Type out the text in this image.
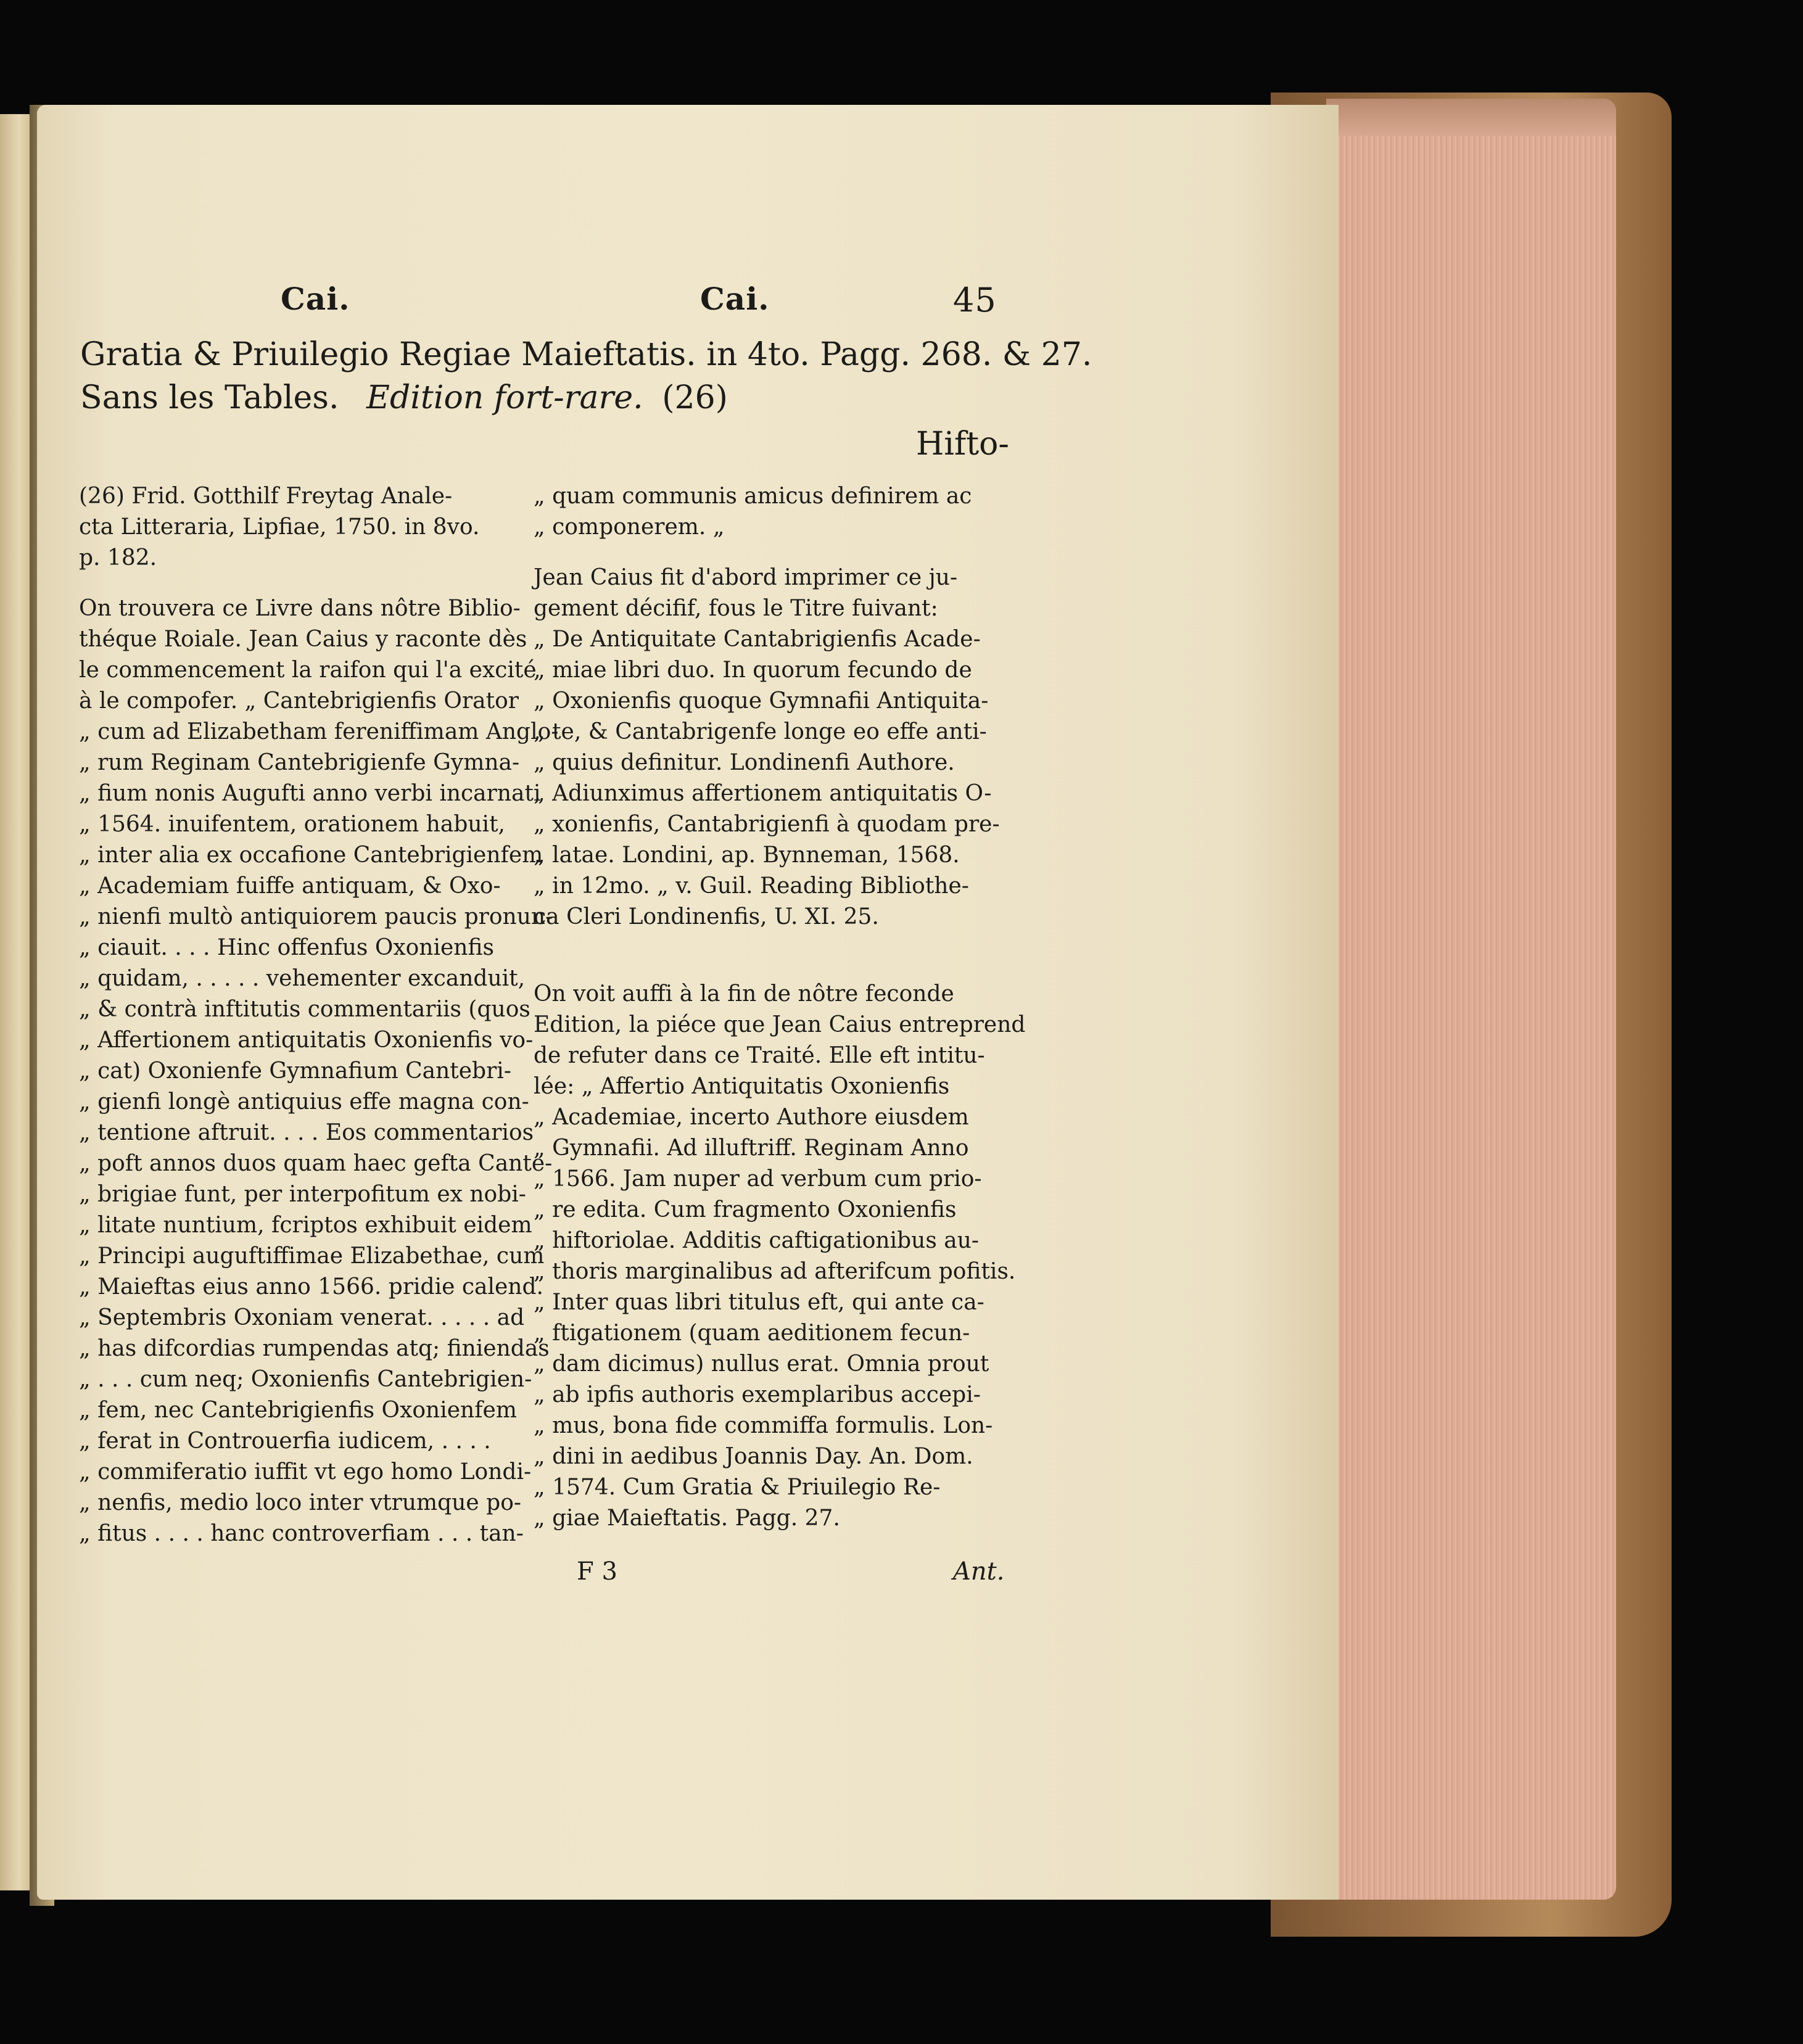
Cai.	Cai.	45
Gratia & Priuilegio Regiae Maieftatis. in 4to. Pagg. 268. & 27.
Sans les Tables. Edition fort-rare. (26)
Hifto-
(26) Frid. Gotthilf Freytag Anale-
cta Litteraria, Lipfiae, 1750. in 8vo.
p. 182.
On trouvera ce Livre dans nôtre Biblio-
théque Roiale. Jean Caius y raconte dès
le commencement la raifon qui l'a excité
à le compofer. „ Cantebrigienfis Orator
„ cum ad Elizabetham fereniffimam Anglo-
„ rum Reginam Cantebrigienfe Gymna-
„ fium nonis Augufti anno verbi incarnati
„ 1564. inuifentem, orationem habuit,
„ inter alia ex occafione Cantebrigienfem
„ Academiam fuiffe antiquam, & Oxo-
„ nienfi multò antiquiorem paucis pronun-
„ ciauit. . . . Hinc offenfus Oxonienfis
„ quidam, . . . . . vehementer excanduit,
„ & contrà inftitutis commentariis (quos
„ Affertionem antiquitatis Oxonienfis vo-
„ cat) Oxonienfe Gymnafium Cantebri-
„ gienfi longè antiquius effe magna con-
„ tentione aftruit. . . . Eos commentarios
„ poft annos duos quam haec gefta Cante-
„ brigiae funt, per interpofitum ex nobi-
„ litate nuntium, fcriptos exhibuit eidem
„ Principi auguftiffimae Elizabethae, cum
„ Maieftas eius anno 1566. pridie calend.
„ Septembris Oxoniam venerat. . . . . ad
„ has difcordias rumpendas atq; finiendas
„ . . . cum neq; Oxonienfis Cantebrigien-
„ fem, nec Cantebrigienfis Oxonienfem
„ ferat in Controuerfia iudicem, . . . .
„ commiferatio iuffit vt ego homo Londi-
„ nenfis, medio loco inter vtrumque po-
„ fitus . . . . hanc controverfiam . . . tan-
„ quam communis amicus definirem ac
„ componerem. „
Jean Caius fit d'abord imprimer ce ju-
gement décifif, fous le Titre fuivant:
„ De Antiquitate Cantabrigienfis Acade-
„ miae libri duo. In quorum fecundo de
„ Oxonienfis quoque Gymnafii Antiquita-
„ te, & Cantabrigenfe longe eo effe anti-
„ quius definitur. Londinenfi Authore.
„ Adiunximus affertionem antiquitatis O-
„ xonienfis, Cantabrigienfi à quodam pre-
„ latae. Londini, ap. Bynneman, 1568.
„ in 12mo. „ v. Guil. Reading Bibliothe-
ca Cleri Londinenfis, U. XI. 25.
On voit auffi à la fin de nôtre feconde
Edition, la piéce que Jean Caius entreprend
de refuter dans ce Traité. Elle eft intitu-
lée: „ Affertio Antiquitatis Oxonienfis
„ Academiae, incerto Authore eiusdem
„ Gymnafii. Ad illuftriff. Reginam Anno
„ 1566. Jam nuper ad verbum cum prio-
„ re edita. Cum fragmento Oxonienfis
„ hiftoriolae. Additis caftigationibus au-
„ thoris marginalibus ad afterifcum pofitis.
„ Inter quas libri titulus eft, qui ante ca-
„ ftigationem (quam aeditionem fecun-
„ dam dicimus) nullus erat. Omnia prout
„ ab ipfis authoris exemplaribus accepi-
„ mus, bona fide commiffa formulis. Lon-
„ dini in aedibus Joannis Day. An. Dom.
„ 1574. Cum Gratia & Priuilegio Re-
„ giae Maieftatis. Pagg. 27.
F 3	Ant.
